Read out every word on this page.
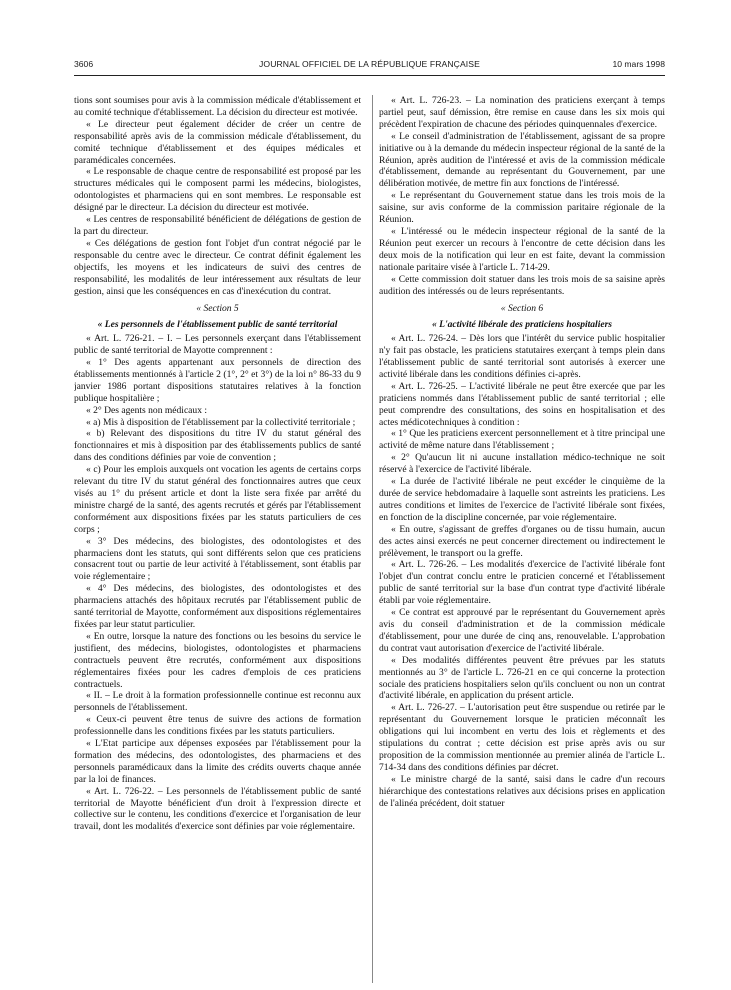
3606	JOURNAL OFFICIEL DE LA RÉPUBLIQUE FRANÇAISE	10 mars 1998

tions sont soumises pour avis à la commission médicale d'établissement et au comité technique d'établissement. La décision du directeur est motivée.

« Le directeur peut également décider de créer un centre de responsabilité après avis de la commission médicale d'établissement, du comité technique d'établissement et des équipes médicales et paramédicales concernées.

« Le responsable de chaque centre de responsabilité est proposé par les structures médicales qui le composent parmi les médecins, biologistes, odontologistes et pharmaciens qui en sont membres. Le responsable est désigné par le directeur. La décision du directeur est motivée.

« Les centres de responsabilité bénéficient de délégations de gestion de la part du directeur.

« Ces délégations de gestion font l'objet d'un contrat négocié par le responsable du centre avec le directeur. Ce contrat définit également les objectifs, les moyens et les indicateurs de suivi des centres de responsabilité, les modalités de leur intéressement aux résultats de leur gestion, ainsi que les conséquences en cas d'inexécution du contrat.

« Section 5

« Les personnels de l'établissement public de santé territorial

« Art. L. 726-21. – I. – Les personnels exerçant dans l'établissement public de santé territorial de Mayotte comprennent :

« 1° Des agents appartenant aux personnels de direction des établissements mentionnés à l'article 2 (1°, 2° et 3°) de la loi n° 86-33 du 9 janvier 1986 portant dispositions statutaires relatives à la fonction publique hospitalière ;

« 2° Des agents non médicaux :

« a) Mis à disposition de l'établissement par la collectivité territoriale ;

« b) Relevant des dispositions du titre IV du statut général des fonctionnaires et mis à disposition par des établissements publics de santé dans des conditions définies par voie de convention ;

« c) Pour les emplois auxquels ont vocation les agents de certains corps relevant du titre IV du statut général des fonctionnaires autres que ceux visés au 1° du présent article et dont la liste sera fixée par arrêté du ministre chargé de la santé, des agents recrutés et gérés par l'établissement conformément aux dispositions fixées par les statuts particuliers de ces corps ;

« 3° Des médecins, des biologistes, des odontologistes et des pharmaciens dont les statuts, qui sont différents selon que ces praticiens consacrent tout ou partie de leur activité à l'établissement, sont établis par voie réglementaire ;

« 4° Des médecins, des biologistes, des odontologistes et des pharmaciens attachés des hôpitaux recrutés par l'établissement public de santé territorial de Mayotte, conformément aux dispositions réglementaires fixées par leur statut particulier.

« En outre, lorsque la nature des fonctions ou les besoins du service le justifient, des médecins, biologistes, odontologistes et pharmaciens contractuels peuvent être recrutés, conformément aux dispositions réglementaires fixées pour les cadres d'emplois de ces praticiens contractuels.

« II. – Le droit à la formation professionnelle continue est reconnu aux personnels de l'établissement.

« Ceux-ci peuvent être tenus de suivre des actions de formation professionnelle dans les conditions fixées par les statuts particuliers.

« L'Etat participe aux dépenses exposées par l'établissement pour la formation des médecins, des odontologistes, des pharmaciens et des personnels paramédicaux dans la limite des crédits ouverts chaque année par la loi de finances.

« Art. L. 726-22. – Les personnels de l'établissement public de santé territorial de Mayotte bénéficient d'un droit à l'expression directe et collective sur le contenu, les conditions d'exercice et l'organisation de leur travail, dont les modalités d'exercice sont définies par voie réglementaire.

« Art. L. 726-23. – La nomination des praticiens exerçant à temps partiel peut, sauf démission, être remise en cause dans les six mois qui précèdent l'expiration de chacune des périodes quinquennales d'exercice.

« Le conseil d'administration de l'établissement, agissant de sa propre initiative ou à la demande du médecin inspecteur régional de la santé de la Réunion, après audition de l'intéressé et avis de la commission médicale d'établissement, demande au représentant du Gouvernement, par une délibération motivée, de mettre fin aux fonctions de l'intéressé.

« Le représentant du Gouvernement statue dans les trois mois de la saisine, sur avis conforme de la commission paritaire régionale de la Réunion.

« L'intéressé ou le médecin inspecteur régional de la santé de la Réunion peut exercer un recours à l'encontre de cette décision dans les deux mois de la notification qui leur en est faite, devant la commission nationale paritaire visée à l'article L. 714-29.

« Cette commission doit statuer dans les trois mois de sa saisine après audition des intéressés ou de leurs représentants.

« Section 6

« L'activité libérale des praticiens hospitaliers

« Art. L. 726-24. – Dès lors que l'intérêt du service public hospitalier n'y fait pas obstacle, les praticiens statutaires exerçant à temps plein dans l'établissement public de santé territorial sont autorisés à exercer une activité libérale dans les conditions définies ci-après.

« Art. L. 726-25. – L'activité libérale ne peut être exercée que par les praticiens nommés dans l'établissement public de santé territorial ; elle peut comprendre des consultations, des soins en hospitalisation et des actes médicotechniques à condition :

« 1° Que les praticiens exercent personnellement et à titre principal une activité de même nature dans l'établissement ;

« 2° Qu'aucun lit ni aucune installation médico-technique ne soit réservé à l'exercice de l'activité libérale.

« La durée de l'activité libérale ne peut excéder le cinquième de la durée de service hebdomadaire à laquelle sont astreints les praticiens. Les autres conditions et limites de l'exercice de l'activité libérale sont fixées, en fonction de la discipline concernée, par voie réglementaire.

« En outre, s'agissant de greffes d'organes ou de tissu humain, aucun des actes ainsi exercés ne peut concerner directement ou indirectement le prélèvement, le transport ou la greffe.

« Art. L. 726-26. – Les modalités d'exercice de l'activité libérale font l'objet d'un contrat conclu entre le praticien concerné et l'établissement public de santé territorial sur la base d'un contrat type d'activité libérale établi par voie réglementaire.

« Ce contrat est approuvé par le représentant du Gouvernement après avis du conseil d'administration et de la commission médicale d'établissement, pour une durée de cinq ans, renouvelable. L'approbation du contrat vaut autorisation d'exercice de l'activité libérale.

« Des modalités différentes peuvent être prévues par les statuts mentionnés au 3° de l'article L. 726-21 en ce qui concerne la protection sociale des praticiens hospitaliers selon qu'ils concluent ou non un contrat d'activité libérale, en application du présent article.

« Art. L. 726-27. – L'autorisation peut être suspendue ou retirée par le représentant du Gouvernement lorsque le praticien méconnaît les obligations qui lui incombent en vertu des lois et règlements et des stipulations du contrat ; cette décision est prise après avis ou sur proposition de la commission mentionnée au premier alinéa de l'article L. 714-34 dans des conditions définies par décret.

« Le ministre chargé de la santé, saisi dans le cadre d'un recours hiérarchique des contestations relatives aux décisions prises en application de l'alinéa précédent, doit statuer
